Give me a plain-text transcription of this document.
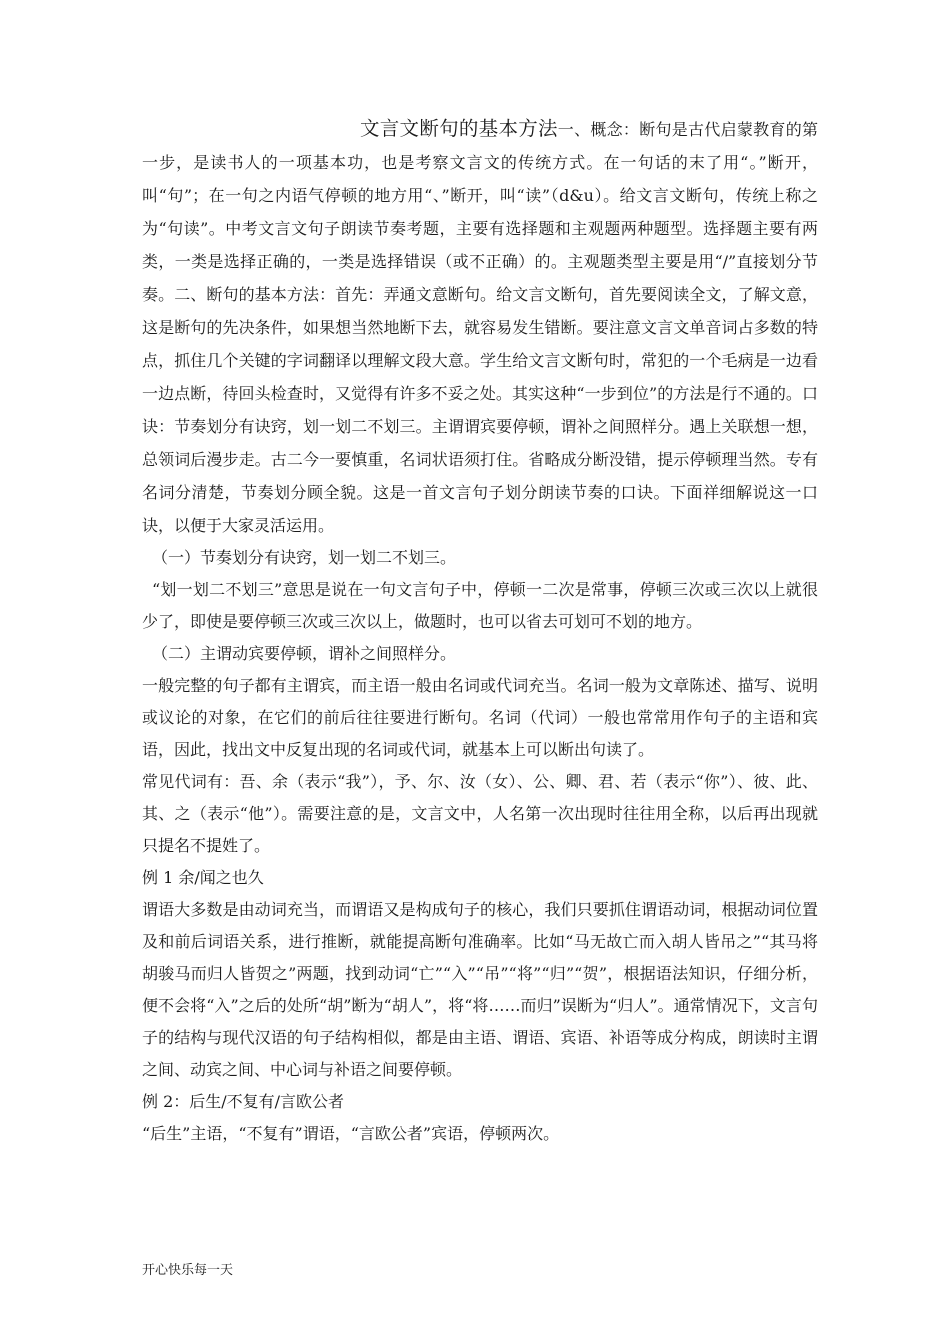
文言文断句的基本方法一、概念：断句是古代启蒙教育的第一步，是读书人的一项基本功，也是考察文言文的传统方式。在一句话的末了用“。”断开，叫“句”；在一句之内语气停顿的地方用“、”断开，叫“读”（d&u）。给文言文断句，传统上称之为“句读”。中考文言文句子朗读节奏考题，主要有选择题和主观题两种题型。选择题主要有两类，一类是选择正确的，一类是选择错误（或不正确）的。主观题类型主要是用“/”直接划分节奏。二、断句的基本方法：首先：弄通文意断句。给文言文断句，首先要阅读全文，了解文意，这是断句的先决条件，如果想当然地断下去，就容易发生错断。要注意文言文单音词占多数的特点，抓住几个关键的字词翻译以理解文段大意。学生给文言文断句时，常犯的一个毛病是一边看一边点断，待回头检查时，又觉得有许多不妥之处。其实这种“一步到位”的方法是行不通的。口诀：节奏划分有诀窍，划一划二不划三。主谓谓宾要停顿，谓补之间照样分。遇上关联想一想，总领词后漫步走。古二今一要慎重，名词状语须打住。省略成分断没错，提示停顿理当然。专有名词分清楚，节奏划分顾全貌。这是一首文言句子划分朗读节奏的口诀。下面祥细解说这一口诀，以便于大家灵活运用。

（一）节奏划分有诀窍，划一划二不划三。

“划一划二不划三”意思是说在一句文言句子中，停顿一二次是常事，停顿三次或三次以上就很少了，即使是要停顿三次或三次以上，做题时，也可以省去可划可不划的地方。

（二）主谓动宾要停顿，谓补之间照样分。

一般完整的句子都有主谓宾，而主语一般由名词或代词充当。名词一般为文章陈述、描写、说明或议论的对象，在它们的前后往往要进行断句。名词（代词）一般也常常用作句子的主语和宾语，因此，找出文中反复出现的名词或代词，就基本上可以断出句读了。

常见代词有：吾、余（表示“我”），予、尔、汝（女）、公、卿、君、若（表示“你”）、彼、此、其、之（表示“他”）。需要注意的是，文言文中，人名第一次出现时往往用全称，以后再出现就只提名不提姓了。

例 1 余/闻之也久

谓语大多数是由动词充当，而谓语又是构成句子的核心，我们只要抓住谓语动词，根据动词位置及和前后词语关系，进行推断，就能提高断句准确率。比如“马无故亡而入胡人皆吊之”“其马将胡骏马而归人皆贺之”两题，找到动词“亡”“入”“吊”“将”“归”“贺”，根据语法知识，仔细分析，便不会将“入”之后的处所“胡”断为“胡人”，将“将……而归”误断为“归人”。通常情况下，文言句子的结构与现代汉语的句子结构相似，都是由主语、谓语、宾语、补语等成分构成，朗读时主谓之间、动宾之间、中心词与补语之间要停顿。

例 2：后生/不复有/言欧公者

“后生”主语，“不复有”谓语，“言欧公者”宾语，停顿两次。

开心快乐每一天
